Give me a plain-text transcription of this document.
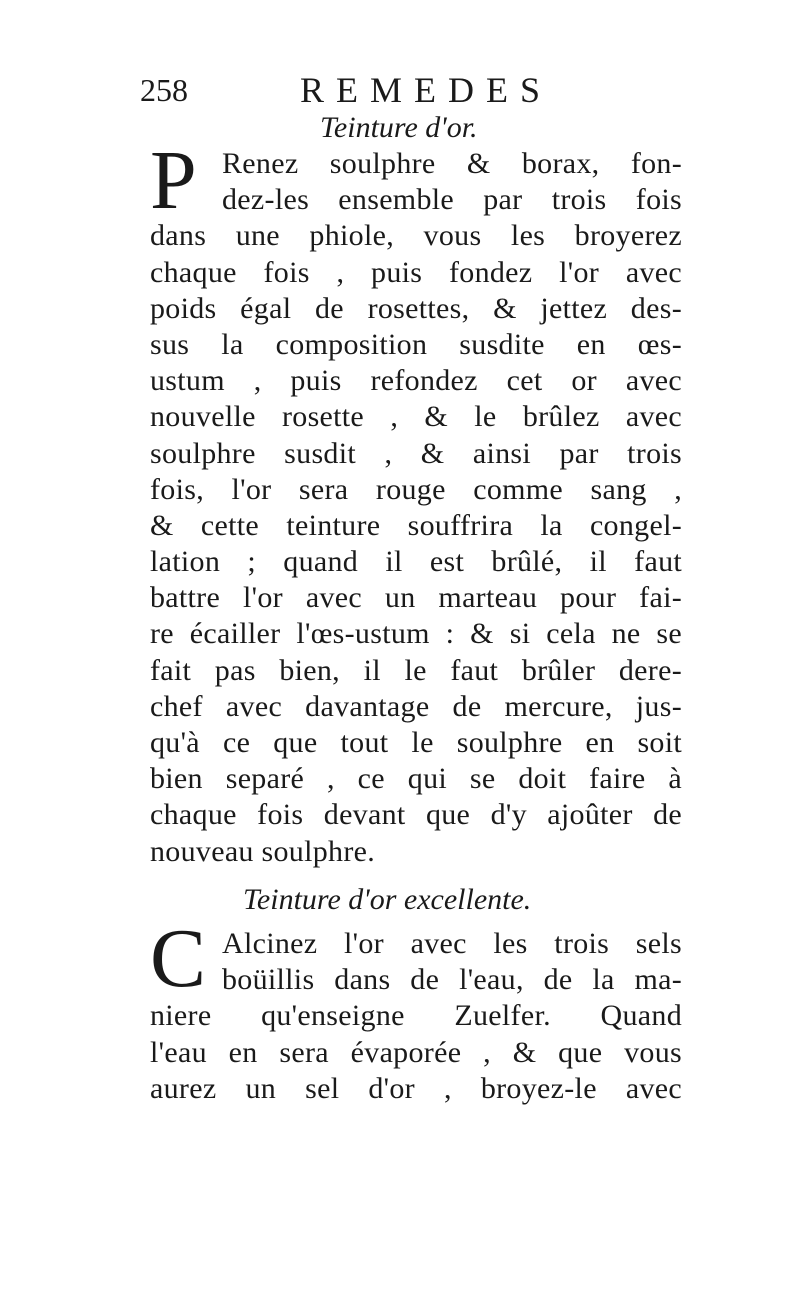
258	REMEDES
Teinture d'or.
P Renez soulphre & borax, fon-
dez-les ensemble par trois fois
dans une phiole, vous les broyerez
chaque fois , puis fondez l'or avec
poids égal de rosettes, & jettez des-
sus la composition susdite en œs-
ustum , puis refondez cet or avec
nouvelle rosette , & le brûlez avec
soulphre susdit , & ainsi par trois
fois, l'or sera rouge comme sang ,
& cette teinture souffrira la congel-
lation ; quand il est brûlé, il faut
battre l'or avec un marteau pour fai-
re écailler l'œs-ustum : & si cela ne se
fait pas bien, il le faut brûler dere-
chef avec davantage de mercure, jus-
qu'à ce que tout le soulphre en soit
bien separé , ce qui se doit faire à
chaque fois devant que d'y ajoûter de
nouveau soulphre.

Teinture d'or excellente.
C Alcinez l'or avec les trois sels
boüillis dans de l'eau, de la ma-
niere qu'enseigne Zuelfer. Quand
l'eau en sera évaporée , & que vous
aurez un sel d'or , broyez-le avec
